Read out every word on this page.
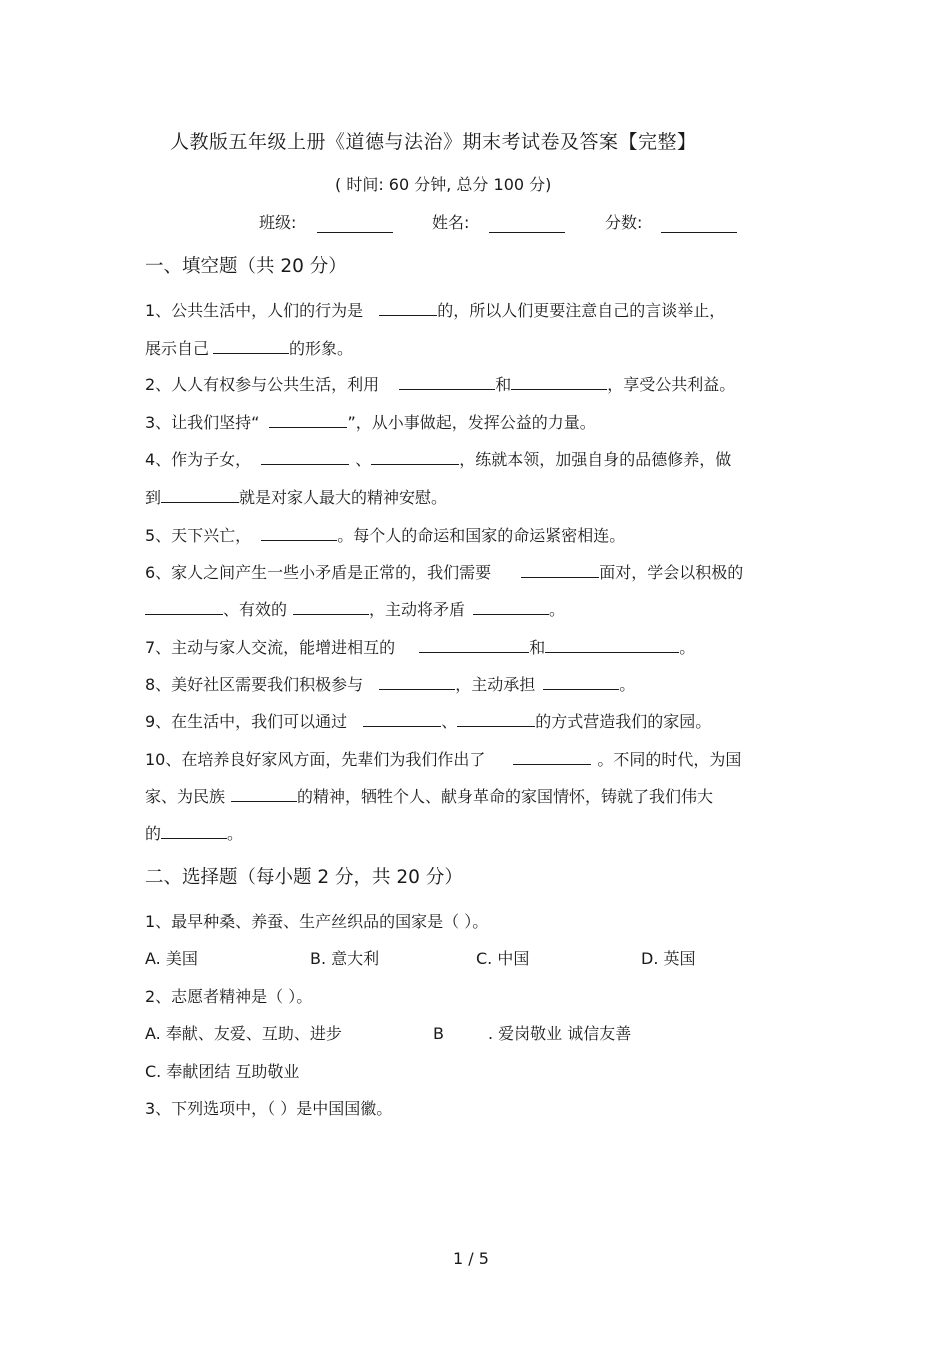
人教版五年级上册《道德与法治》期末考试卷及答案【完整】
( 时间: 60 分钟, 总分 100 分)
班级:	姓名:	分数:
一、填空题（共 20 分）
1、公共生活中，人们的行为是	的，所以人们更要注意自己的言谈举止，
展示自己	的形象。
2、人人有权参与公共生活，利用	和	，享受公共利益。
3、让我们坚持“	”，从小事做起，发挥公益的力量。
4、作为子女，	、	，练就本领，加强自身的品德修养，做
到	就是对家人最大的精神安慰。
5、天下兴亡，	。每个人的命运和国家的命运紧密相连。
6、家人之间产生一些小矛盾是正常的，我们需要	面对，学会以积极的
、有效的	，主动将矛盾	。
7、主动与家人交流，能增进相互的	和	。
8、美好社区需要我们积极参与	，主动承担	。
9、在生活中，我们可以通过	、	的方式营造我们的家园。
10、在培养良好家风方面，先辈们为我们作出了	。不同的时代，为国
家、为民族	的精神，牺牲个人、献身革命的家国情怀，铸就了我们伟大
的	。
二、选择题（每小题 2 分，共 20 分）
1、最早种桑、养蚕、生产丝织品的国家是（ ）。
A. 美国	B. 意大利	C. 中国	D. 英国
2、志愿者精神是（ ）。
A. 奉献、友爱、互助、进步	B	. 爱岗敬业 诚信友善
C. 奉献团结 互助敬业
3、下列选项中，（ ）是中国国徽。
1 / 5
